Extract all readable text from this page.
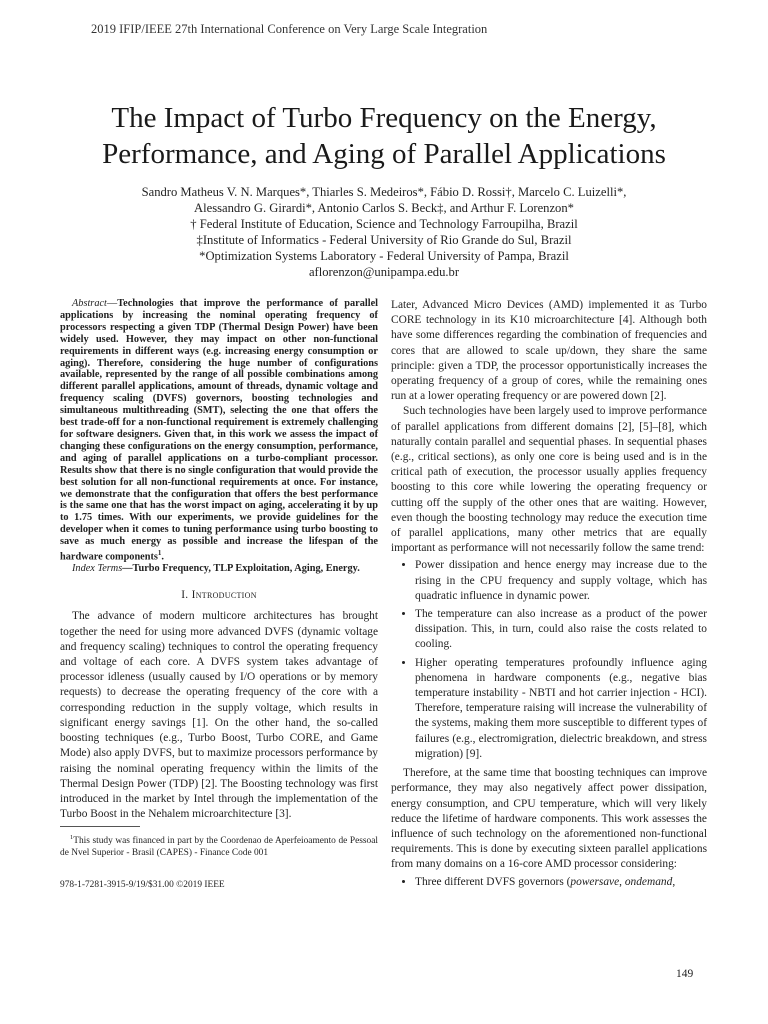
2019 IFIP/IEEE 27th International Conference on Very Large Scale Integration
The Impact of Turbo Frequency on the Energy,
Performance, and Aging of Parallel Applications
Sandro Matheus V. N. Marques*, Thiarles S. Medeiros*, Fábio D. Rossi†, Marcelo C. Luizelli*,
Alessandro G. Girardi*, Antonio Carlos S. Beck‡, and Arthur F. Lorenzon*
† Federal Institute of Education, Science and Technology Farroupilha, Brazil
‡Institute of Informatics - Federal University of Rio Grande do Sul, Brazil
*Optimization Systems Laboratory - Federal University of Pampa, Brazil
aflorenzon@unipampa.edu.br

Abstract—Technologies that improve the performance of parallel applications by increasing the nominal operating frequency of processors respecting a given TDP (Thermal Design Power) have been widely used. However, they may impact on other non-functional requirements in different ways (e.g. increasing energy consumption or aging). Therefore, considering the huge number of configurations available, represented by the range of all possible combinations among different parallel applications, amount of threads, dynamic voltage and frequency scaling (DVFS) governors, boosting technologies and simultaneous multithreading (SMT), selecting the one that offers the best trade-off for a non-functional requirement is extremely challenging for software designers. Given that, in this work we assess the impact of changing these configurations on the energy consumption, performance, and aging of parallel applications on a turbo-compliant processor. Results show that there is no single configuration that would provide the best solution for all non-functional requirements at once. For instance, we demonstrate that the configuration that offers the best performance is the same one that has the worst impact on aging, accelerating it by up to 1.75 times. With our experiments, we provide guidelines for the developer when it comes to tuning performance using turbo boosting to save as much energy as possible and increase the lifespan of the hardware components$^1$.

Index Terms—Turbo Frequency, TLP Exploitation, Aging, Energy.

I. Introduction

The advance of modern multicore architectures has brought together the need for using more advanced DVFS (dynamic voltage and frequency scaling) techniques to control the operating frequency and voltage of each core. A DVFS system takes advantage of processor idleness (usually caused by I/O operations or by memory requests) to decrease the operating frequency of the core with a corresponding reduction in the supply voltage, which results in significant energy savings [1]. On the other hand, the so-called boosting techniques (e.g., Turbo Boost, Turbo CORE, and Game Mode) also apply DVFS, but to maximize processors performance by raising the nominal operating frequency within the limits of the Thermal Design Power (TDP) [2]. The Boosting technology was first introduced in the market by Intel through the implementation of the Turbo Boost in the Nehalem microarchitecture [3].

$^1$This study was financed in part by the Coordenao de Aperfeioamento de Pessoal de Nvel Superior - Brasil (CAPES) - Finance Code 001
978-1-7281-3915-9/19/$31.00 ©2019 IEEE

Later, Advanced Micro Devices (AMD) implemented it as Turbo CORE technology in its K10 microarchitecture [4]. Although both have some differences regarding the combination of frequencies and cores that are allowed to scale up/down, they share the same principle: given a TDP, the processor opportunistically increases the operating frequency of a group of cores, while the remaining ones run at a lower operating frequency or are powered down [2].

Such technologies have been largely used to improve performance of parallel applications from different domains [2], [5]–[8], which naturally contain parallel and sequential phases. In sequential phases (e.g., critical sections), as only one core is being used and is in the critical path of execution, the processor usually applies frequency boosting to this core while lowering the operating frequency or cutting off the supply of the other ones that are waiting. However, even though the boosting technology may reduce the execution time of parallel applications, many other metrics that are equally important as performance will not necessarily follow the same trend:

• Power dissipation and hence energy may increase due to the rising in the CPU frequency and supply voltage, which has quadratic influence in dynamic power.
• The temperature can also increase as a product of the power dissipation. This, in turn, could also raise the costs related to cooling.
• Higher operating temperatures profoundly influence aging phenomena in hardware components (e.g., negative bias temperature instability - NBTI and hot carrier injection - HCI). Therefore, temperature raising will increase the vulnerability of the systems, making them more susceptible to different types of failures (e.g., electromigration, dielectric breakdown, and stress migration) [9].

Therefore, at the same time that boosting techniques can improve performance, they may also negatively affect power dissipation, energy consumption, and CPU temperature, which will very likely reduce the lifetime of hardware components. This work assesses the influence of such technology on the aforementioned non-functional requirements. This is done by executing sixteen parallel applications from many domains on a 16-core AMD processor considering:

• Three different DVFS governors (powersave, ondemand,
149
